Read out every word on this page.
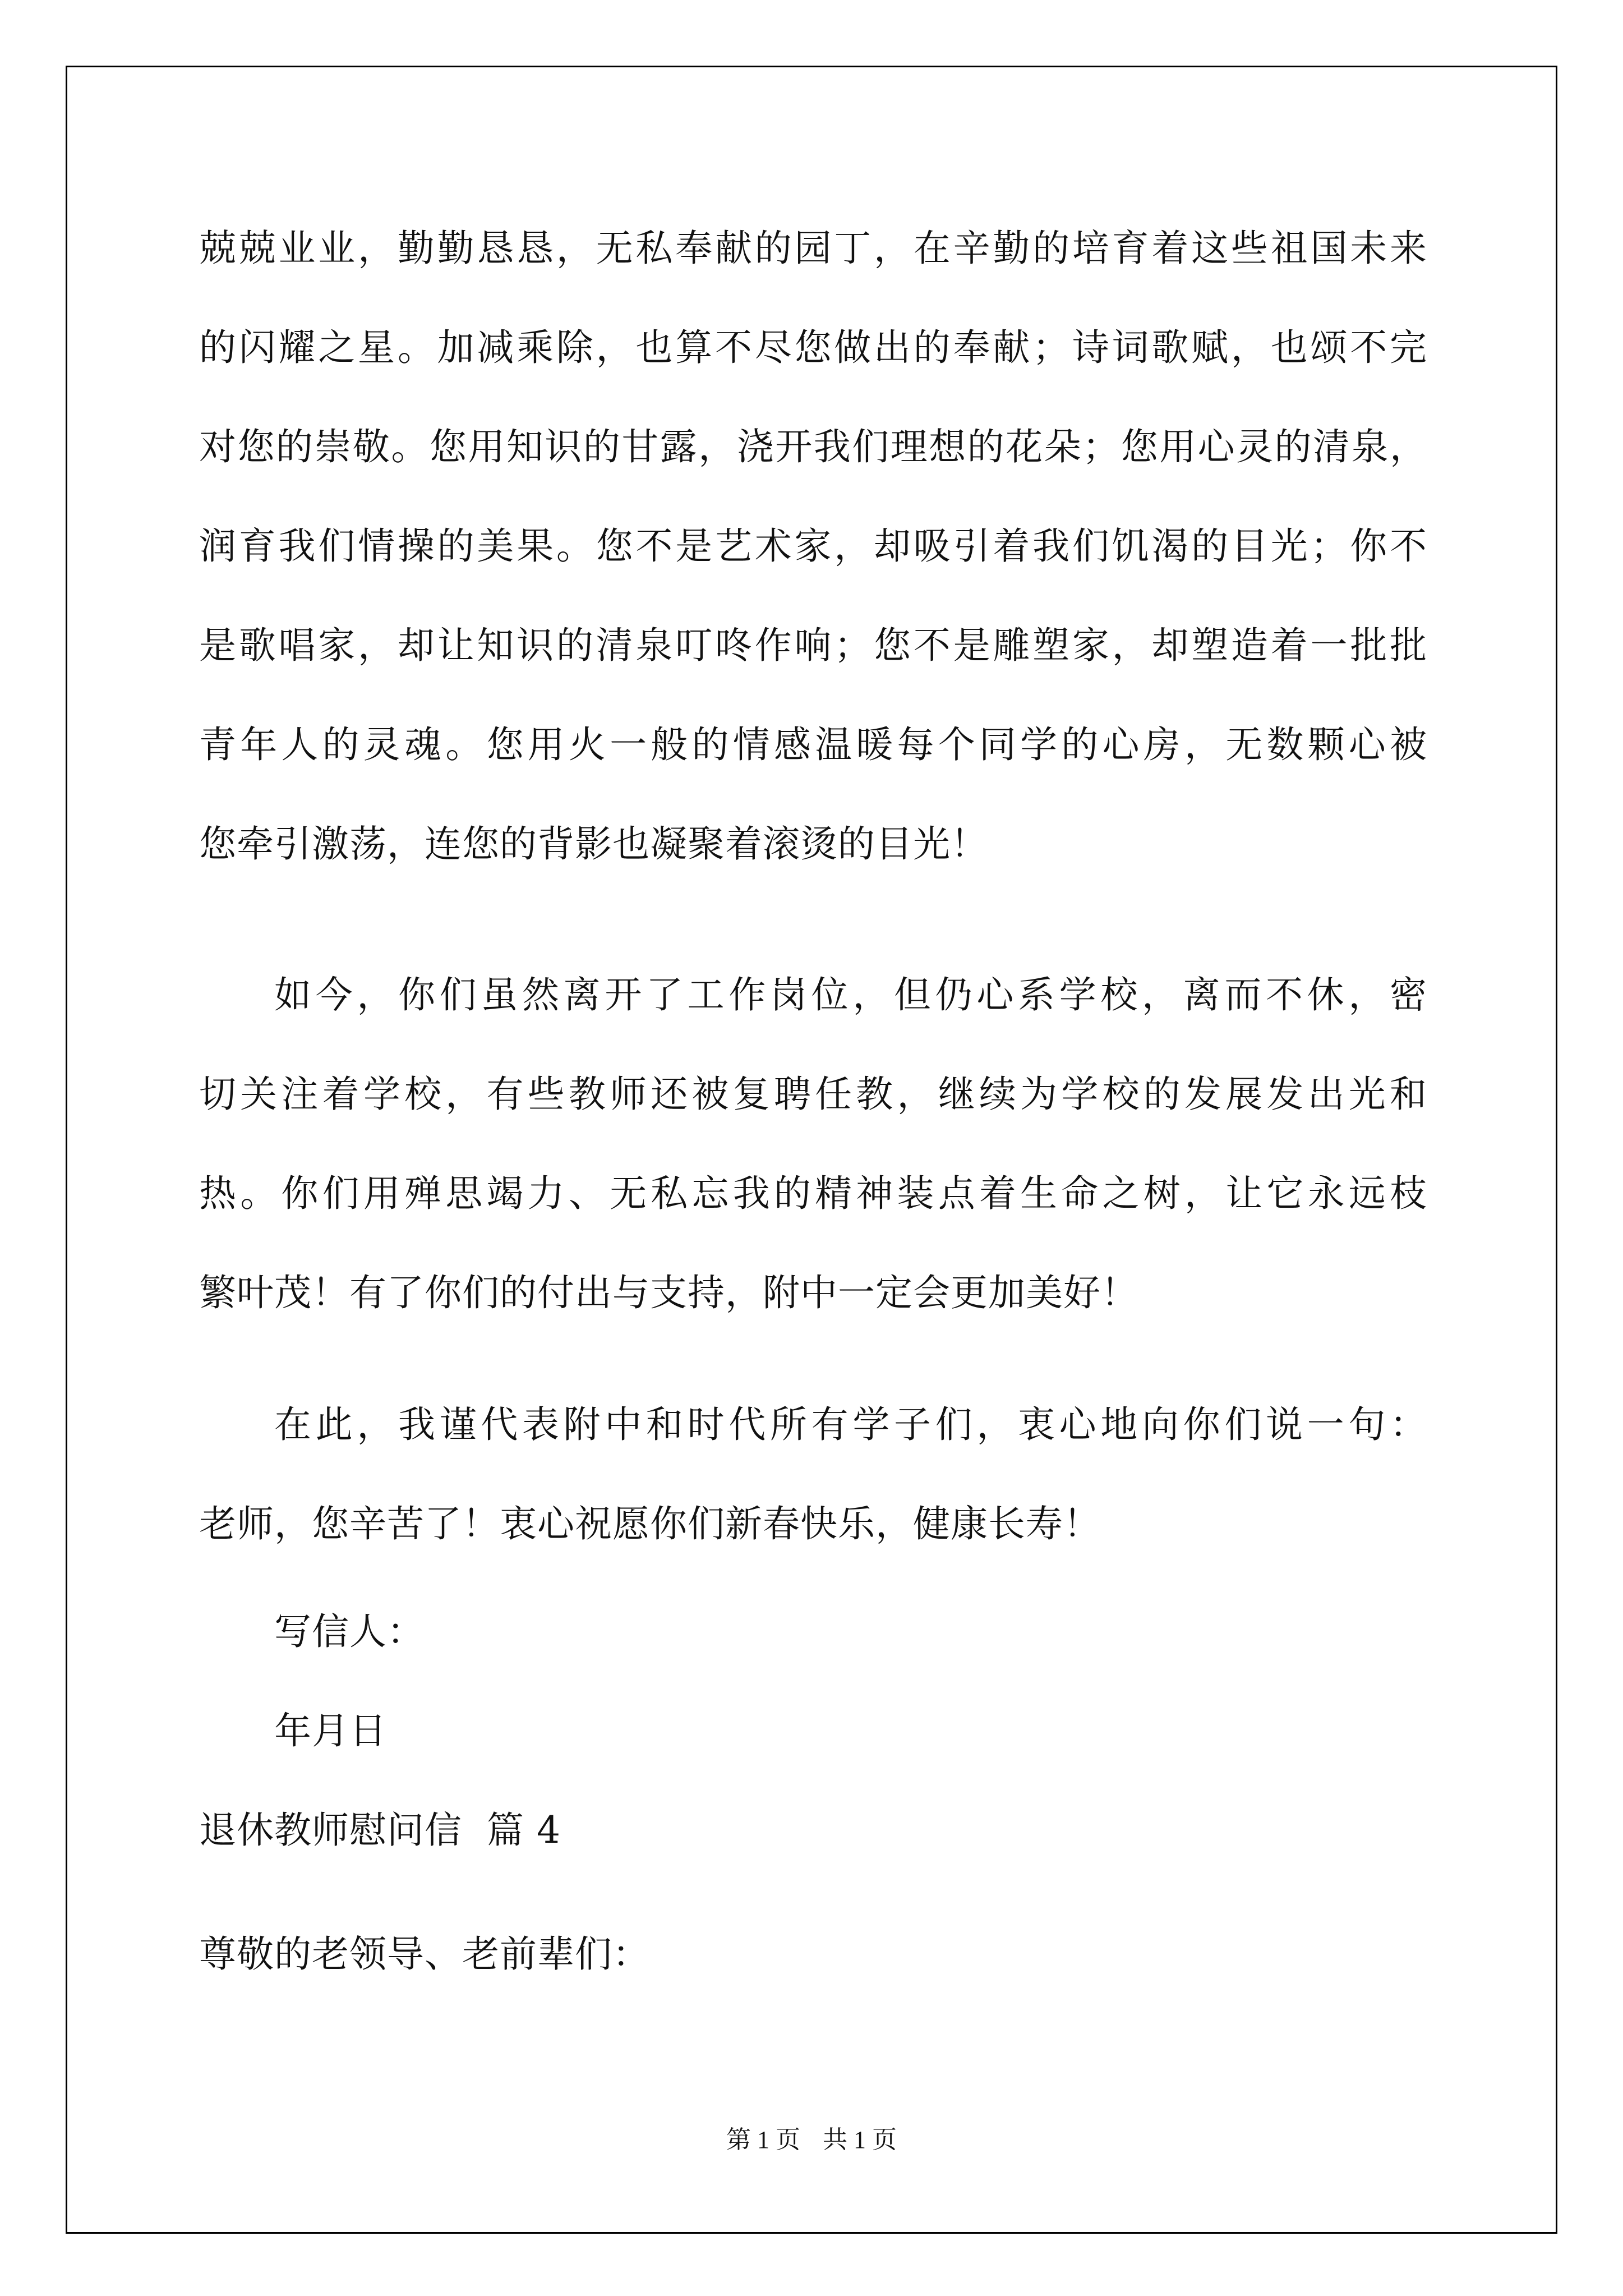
兢兢业业，勤勤恳恳，无私奉献的园丁，在辛勤的培育着这些祖国未来
的闪耀之星。加减乘除，也算不尽您做出的奉献；诗词歌赋，也颂不完
对您的崇敬。您用知识的甘露，浇开我们理想的花朵；您用心灵的清泉，
润育我们情操的美果。您不是艺术家，却吸引着我们饥渴的目光；你不
是歌唱家，却让知识的清泉叮咚作响；您不是雕塑家，却塑造着一批批
青年人的灵魂。您用火一般的情感温暖每个同学的心房，无数颗心被
您牵引激荡，连您的背影也凝聚着滚烫的目光！
如今，你们虽然离开了工作岗位，但仍心系学校，离而不休，密
切关注着学校，有些教师还被复聘任教，继续为学校的发展发出光和
热。你们用殚思竭力、无私忘我的精神装点着生命之树，让它永远枝
繁叶茂！有了你们的付出与支持，附中一定会更加美好！
在此，我谨代表附中和时代所有学子们，衷心地向你们说一句：
老师，您辛苦了！衷心祝愿你们新春快乐，健康长寿！
写信人：
年月日
退休教师慰问信  篇 4
尊敬的老领导、老前辈们：
第 1 页 共 1 页
